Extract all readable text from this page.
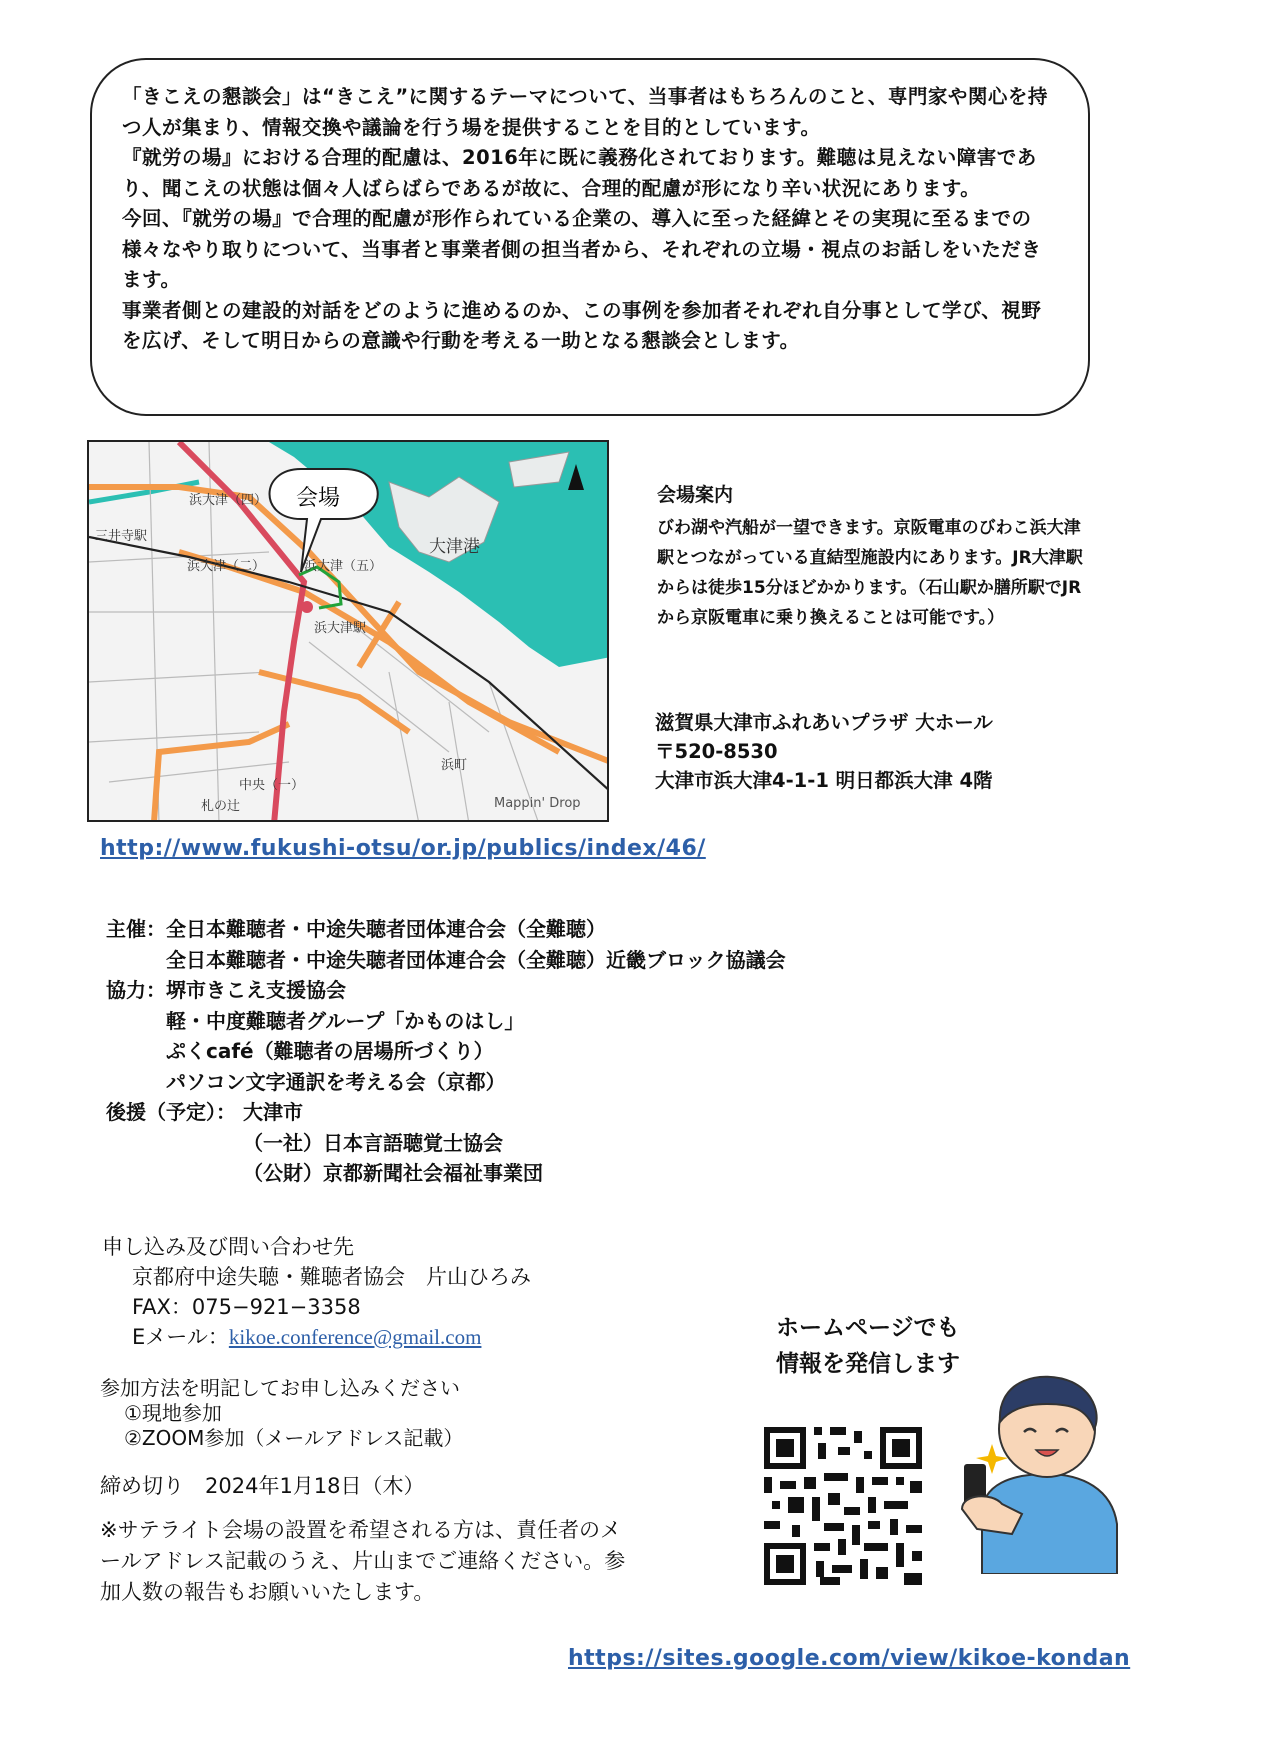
「きこえの懇談会」は“きこえ”に関するテーマについて、当事者はもちろんのこと、専門家や関心を持つ人が集まり、情報交換や議論を行う場を提供することを目的としています。

『就労の場』における合理的配慮は、2016年に既に義務化されております。難聴は見えない障害であり、聞こえの状態は個々人ばらばらであるが故に、合理的配慮が形になり辛い状況にあります。

今回、『就労の場』で合理的配慮が形作られている企業の、導入に至った経緯とその実現に至るまでの様々なやり取りについて、当事者と事業者側の担当者から、それぞれの立場・視点のお話しをいただきます。

事業者側との建設的対話をどのように進めるのか、この事例を参加者それぞれ自分事として学び、視野を広げ、そして明日からの意識や行動を考える一助となる懇談会とします。

会場
浜大津（四）
三井寺駅
浜大津（二）	浜大津（五）
大津港
浜大津駅
浜町
中央（一）
札の辻	Mappin' Drop
会場案内
びわ湖や汽船が一望できます。京阪電車のびわこ浜大津駅とつながっている直結型施設内にあります。JR大津駅からは徒歩15分ほどかかります。（石山駅か膳所駅でJRから京阪電車に乗り換えることは可能です。）
滋賀県大津市ふれあいプラザ 大ホール
〒520-8530
大津市浜大津4-1-1 明日都浜大津 4階
http://www.fukushi-otsu/or.jp/publics/index/46/
主催： 全日本難聴者・中途失聴者団体連合会（全難聴）
全日本難聴者・中途失聴者団体連合会（全難聴）近畿ブロック協議会
協力： 堺市きこえ支援協会
軽・中度難聴者グループ「かものはし」
ぷくcafé（難聴者の居場所づくり）
パソコン文字通訳を考える会（京都）
後援（予定）： 大津市
（一社）日本言語聴覚士協会
（公財）京都新聞社会福祉事業団
申し込み及び問い合わせ先
京都府中途失聴・難聴者協会　片山ひろみ
FAX：075−921−3358
Eメール：kikoe.conference@gmail.com
参加方法を明記してお申し込みください
①現地参加
②ZOOM参加（メールアドレス記載）
締め切り　2024年1月18日（木）
※サテライト会場の設置を希望される方は、責任者のメールアドレス記載のうえ、片山までご連絡ください。参加人数の報告もお願いいたします。
ホームページでも
情報を発信します
https://sites.google.com/view/kikoe-kondan
